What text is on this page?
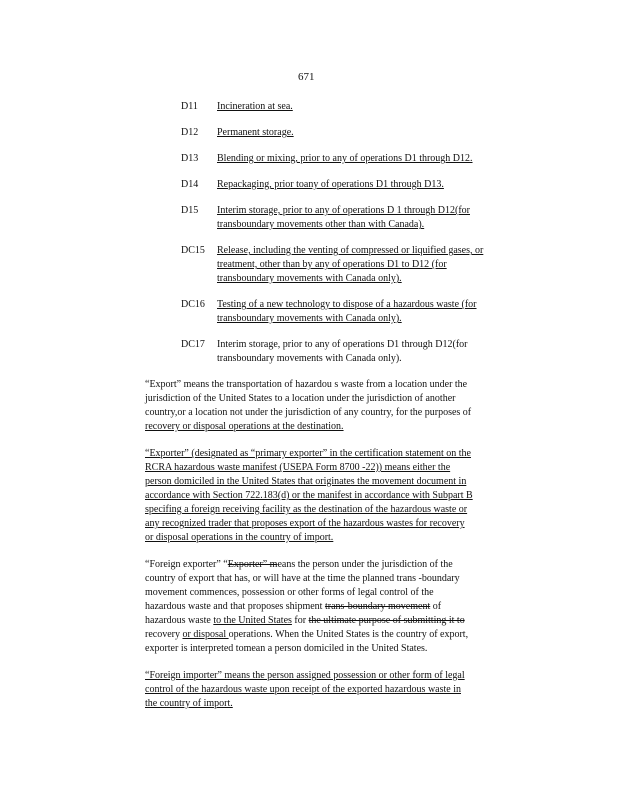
671
D11	Incineration at sea.
D12	Permanent storage.
D13	Blending or mixing, prior to any of operations D1 through D12.
D14	Repackaging, prior toany of operations D1 through D13.
D15	Interim storage, prior to any of operations D 1 through D12(for
transboundary movements other than with Canada).
DC15	Release, including the venting of compressed or liquified gases, or
treatment, other than by any of operations D1 to D12 (for
transboundary movements with Canada only).
DC16	Testing of a new technology to dispose of a hazardous waste (for
transboundary movements with Canada only).
DC17	Interim storage, prior to any of operations D1 through D12(for
transboundary movements with Canada only).

“Export” means the transportation of hazardou s waste from a location under the
jurisdiction of the United States to a location under the jurisdiction of another
country,or a location not under the jurisdiction of any country, for the purposes of
recovery or disposal operations at the destination.

“Exporter” (designated as “primary exporter” in the certification statement on the
RCRA hazardous waste manifest (USEPA Form 8700 -22)) means either the
person domiciled in the United States that originates the movement document in
accordance with Section 722.183(d) or the manifest in accordance with Subpart B
specifing a foreign receiving facility as the destination of the hazardous waste or
any recognized trader that proposes export of the hazardous wastes for recovery
or disposal operations in the country of import.

“Foreign exporter” “Exporter” means the person under the jurisdiction of the
country of export that has, or will have at the time the planned trans -boundary
movement commences, possession or other forms of legal control of the
hazardous waste and that proposes shipment trans-boundary movement of
hazardous waste to the United States for the ultimate purpose of submitting it to
recovery or disposal operations. When the United States is the country of export,
exporter is interpreted tomean a person domiciled in the United States.

“Foreign importer” means the person assigned possession or other form of legal
control of the hazardous waste upon receipt of the exported hazardous waste in
the country of import.
